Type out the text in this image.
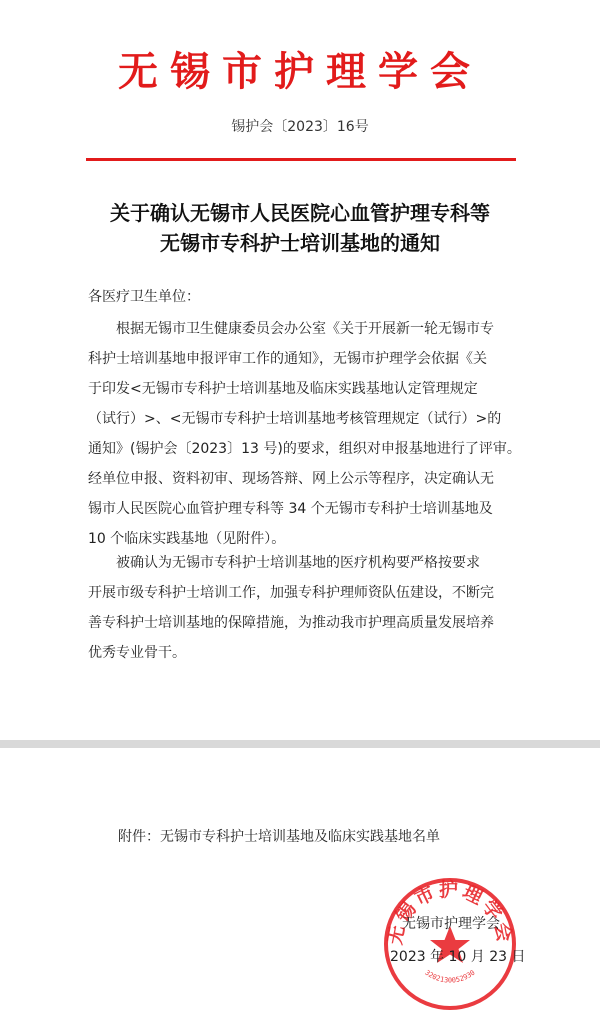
无锡市护理学会
锡护会〔2023〕16号
关于确认无锡市人民医院心血管护理专科等
无锡市专科护士培训基地的通知
各医疗卫生单位：
　　根据无锡市卫生健康委员会办公室《关于开展新一轮无锡市专
科护士培训基地申报评审工作的通知》，无锡市护理学会依据《关
于印发<无锡市专科护士培训基地及临床实践基地认定管理规定
（试行）>、<无锡市专科护士培训基地考核管理规定（试行）>的
通知》(锡护会〔2023〕13 号)的要求，组织对申报基地进行了评审。
经单位申报、资料初审、现场答辩、网上公示等程序，决定确认无
锡市人民医院心血管护理专科等 34 个无锡市专科护士培训基地及
10 个临床实践基地（见附件）。
　　被确认为无锡市专科护士培训基地的医疗机构要严格按要求
开展市级专科护士培训工作，加强专科护理师资队伍建设，不断完
善专科护士培训基地的保障措施，为推动我市护理高质量发展培养
优秀专业骨干。
附件：无锡市专科护士培训基地及临床实践基地名单
无锡市护理学会
3202130052930
无锡市护理学会
2023 年 10 月 23 日
